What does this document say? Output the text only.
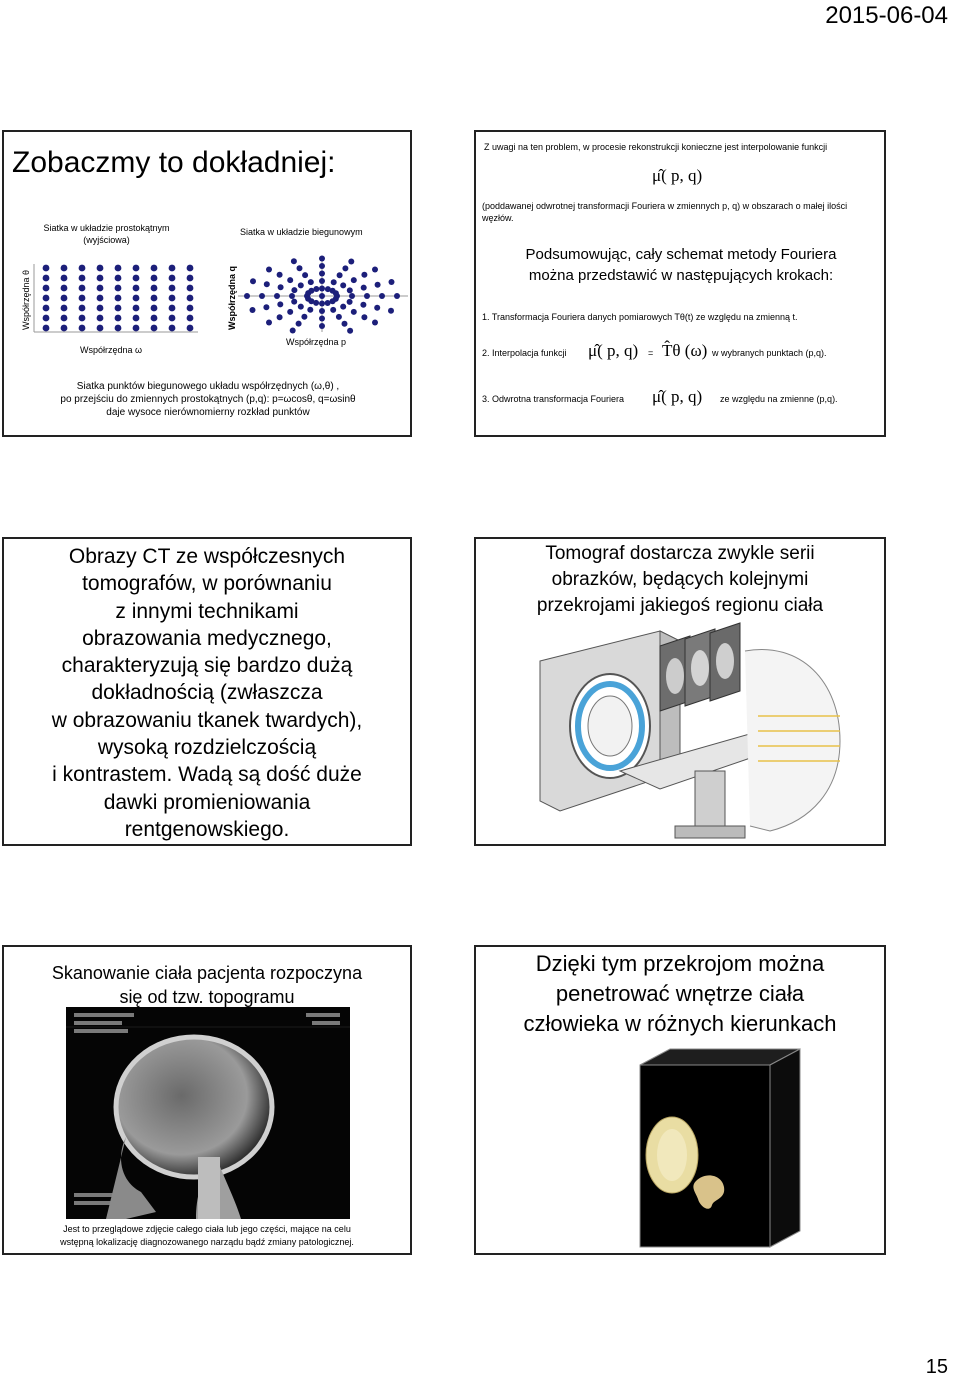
2015-06-04
15
Zobaczmy to dokładniej:
Siatka w układzie prostokątnym
(wyjściowa)
Siatka w układzie biegunowym
Współrzędna θ	Współrzędna q
Współrzędna ω
Współrzędna p
Siatka punktów biegunowego układu współrzędnych (ω,θ) ,
po przejściu do zmiennych prostokątnych (p,q): p=ωcosθ, q=ωsinθ
daje wysoce nierównomierny rozkład punktów
Z uwagi na ten problem, w procesie rekonstrukcji konieczne jest interpolowanie funkcji
μ̂( p, q)
(poddawanej odwrotnej transformacji Fouriera w zmiennych p, q) w obszarach o małej ilości węzłów.
Podsumowując, cały schemat metody Fouriera
można przedstawić w następujących krokach:
1. Transformacja Fouriera danych pomiarowych Tθ(t) ze względu na zmienną t.
2. Interpolacja funkcji μ̂( p, q) = T̂θ (ω) w wybranych punktach (p,q).
3. Odwrotna transformacja Fouriera μ̂( p, q) ze względu na zmienne (p,q).
Obrazy CT ze współczesnych
tomografów, w porównaniu
z innymi technikami
obrazowania medycznego,
charakteryzują się bardzo dużą
dokładnością (zwłaszcza
w obrazowaniu tkanek twardych),
wysoką rozdzielczością
i kontrastem. Wadą są dość duże
dawki promieniowania
rentgenowskiego.
Tomograf dostarcza zwykle serii
obrazków, będących kolejnymi
przekrojami jakiegoś regionu ciała
Skanowanie ciała pacjenta rozpoczyna
się od tzw. topogramu
Jest to przeglądowe zdjęcie całego ciała lub jego części, mające na celu
wstępną lokalizację diagnozowanego narządu bądź zmiany patologicznej.
Dzięki tym przekrojom można
penetrować wnętrze ciała
człowieka w różnych kierunkach
